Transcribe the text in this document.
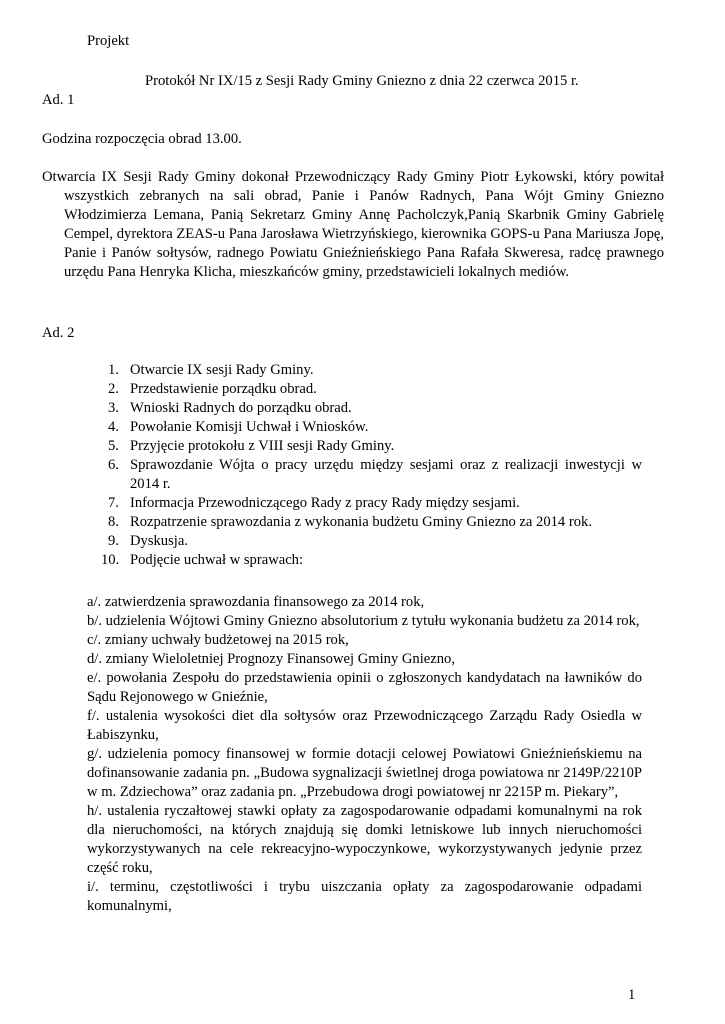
Projekt
Protokół Nr IX/15 z Sesji Rady Gminy Gniezno z dnia 22 czerwca 2015 r.
Ad. 1
Godzina rozpoczęcia obrad 13.00.
Otwarcia IX Sesji Rady Gminy dokonał Przewodniczący Rady Gminy Piotr Łykowski, który powitał wszystkich zebranych na sali obrad, Panie i Panów Radnych, Pana Wójt Gminy Gniezno Włodzimierza Lemana, Panią Sekretarz Gminy Annę Pacholczyk,Panią Skarbnik Gminy Gabrielę Cempel, dyrektora ZEAS-u Pana Jarosława Wietrzyńskiego, kierownika GOPS-u Pana Mariusza Jopę, Panie i Panów sołtysów, radnego Powiatu Gnieźnieńskiego Pana Rafała Skweresa, radcę prawnego urzędu Pana Henryka Klicha, mieszkańców gminy, przedstawicieli lokalnych mediów.
Ad. 2
1. Otwarcie IX sesji Rady Gminy.
2. Przedstawienie porządku obrad.
3. Wnioski Radnych do porządku obrad.
4. Powołanie Komisji Uchwał i Wniosków.
5. Przyjęcie protokołu z VIII sesji Rady Gminy.
6. Sprawozdanie Wójta o pracy urzędu między sesjami oraz z realizacji inwestycji w 2014 r.
7. Informacja Przewodniczącego Rady z pracy Rady między sesjami.
8. Rozpatrzenie sprawozdania z wykonania budżetu Gminy Gniezno za 2014 rok.
9. Dyskusja.
10. Podjęcie uchwał w sprawach:
a/. zatwierdzenia sprawozdania finansowego za 2014 rok,
b/. udzielenia Wójtowi Gminy Gniezno absolutorium z tytułu wykonania budżetu za 2014 rok,
c/. zmiany uchwały budżetowej na 2015 rok,
d/. zmiany Wieloletniej Prognozy Finansowej Gminy Gniezno,
e/. powołania Zespołu do przedstawienia opinii o zgłoszonych kandydatach na ławników do Sądu Rejonowego w Gnieźnie,
f/. ustalenia wysokości diet dla sołtysów oraz Przewodniczącego Zarządu Rady Osiedla w Łabiszynku,
g/. udzielenia pomocy finansowej w formie dotacji celowej Powiatowi Gnieźnieńskiemu na dofinansowanie zadania pn. „Budowa sygnalizacji świetlnej droga powiatowa nr 2149P/2210P w m. Zdziechowa” oraz zadania pn. „Przebudowa drogi powiatowej nr 2215P m. Piekary”,
h/. ustalenia ryczałtowej stawki opłaty za zagospodarowanie odpadami komunalnymi na rok dla nieruchomości, na których znajdują się domki letniskowe lub innych nieruchomości wykorzystywanych na cele rekreacyjno-wypoczynkowe, wykorzystywanych jedynie przez część roku,
i/. terminu, częstotliwości i trybu uiszczania opłaty za zagospodarowanie odpadami komunalnymi,
1
